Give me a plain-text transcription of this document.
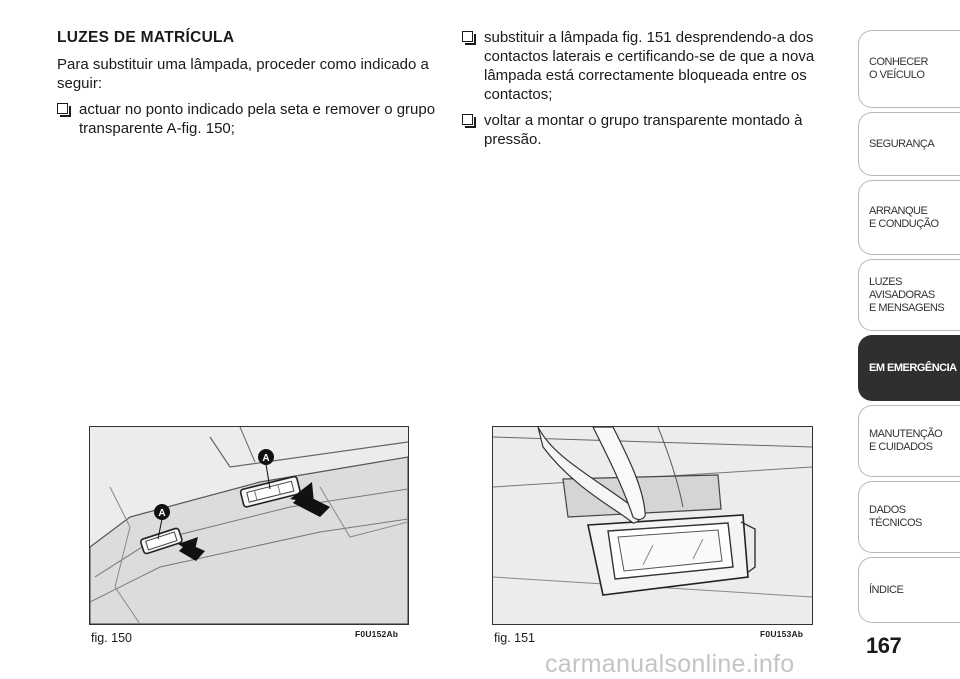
LUZES DE MATRÍCULA
Para substituir uma lâmpada, proceder como indicado a seguir:
actuar no ponto indicado pela seta e remover o grupo transparente A-fig. 150;
substituir a lâmpada fig. 151 desprendendo-a dos contactos laterais e certificando-se de que a nova lâmpada está correctamente bloqueada entre os contactos;
voltar a montar o grupo transparente montado à pressão.
A
A
fig. 150	F0U152Ab	fig. 151	F0U153Ab
CONHECER
O VEÍCULO
SEGURANÇA
ARRANQUE
E CONDUÇÃO
LUZES
AVISADORAS
E MENSAGENS
EM EMERGÊNCIA
MANUTENÇÃO
E CUIDADOS
DADOS
TÉCNICOS
ÍNDICE
167
carmanualsonline.info
